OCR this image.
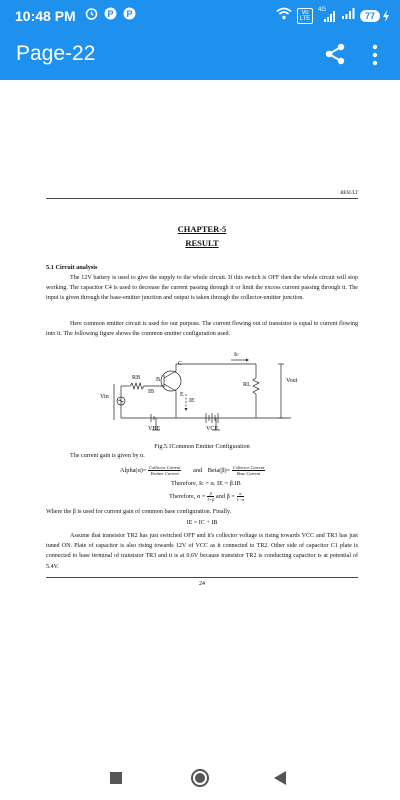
10:48 PM	P P	Vo LTE
4G
77
Page-22
RESULT
CHAPTER-5
RESULT
5.1 Circuit analysis
The 12V battery is used to give the supply to the whole circuit. If this switch is OFF then the whole circuit will stop working. The capacitor C4 is used to decrease the current passing through it or limit the excess current passing through it. The input is given through the base-emitter junction and output is taken through the collector-emitter junction.
Here common emitter circuit is used for our purpose. The current flowing out of transistor is equal to current flowing into it. The following figure shows the common emitter configuration used.
Ic
RB	B
C
E
IB
IE
RL
Vin
Vout
VBE	VCE
Fig.5.1Common Emitter Configuration
The current gain is given by α.
Alpha(α)= $\frac{\text{Collector Current}}{\text{Emitter Current}}$ and Beta(β)= $\frac{\text{Collector Current}}{\text{Base Current}}$
Therefore, Ic = α. IE = β.IB
Therefore, $\alpha = \frac{\beta}{1+\beta}$ and $\beta = \frac{\alpha}{1-\alpha}$
Where the β is used for current gain of common base configuration. Finally.
IE = IC + IB
Assume that transistor TR2 has just switched OFF and it's collector voltage is rising towards VCC and TR3 has just tuned ON. Plate of capacitor is also rising towards 12V of VCC as it connected to TR2. Other side of capacitor C1 plate is connected to base terminal of transistor TR3 and it is at 0.6V because transistor TR2 is conducting capacitor is at potential of 5.4V.
24
